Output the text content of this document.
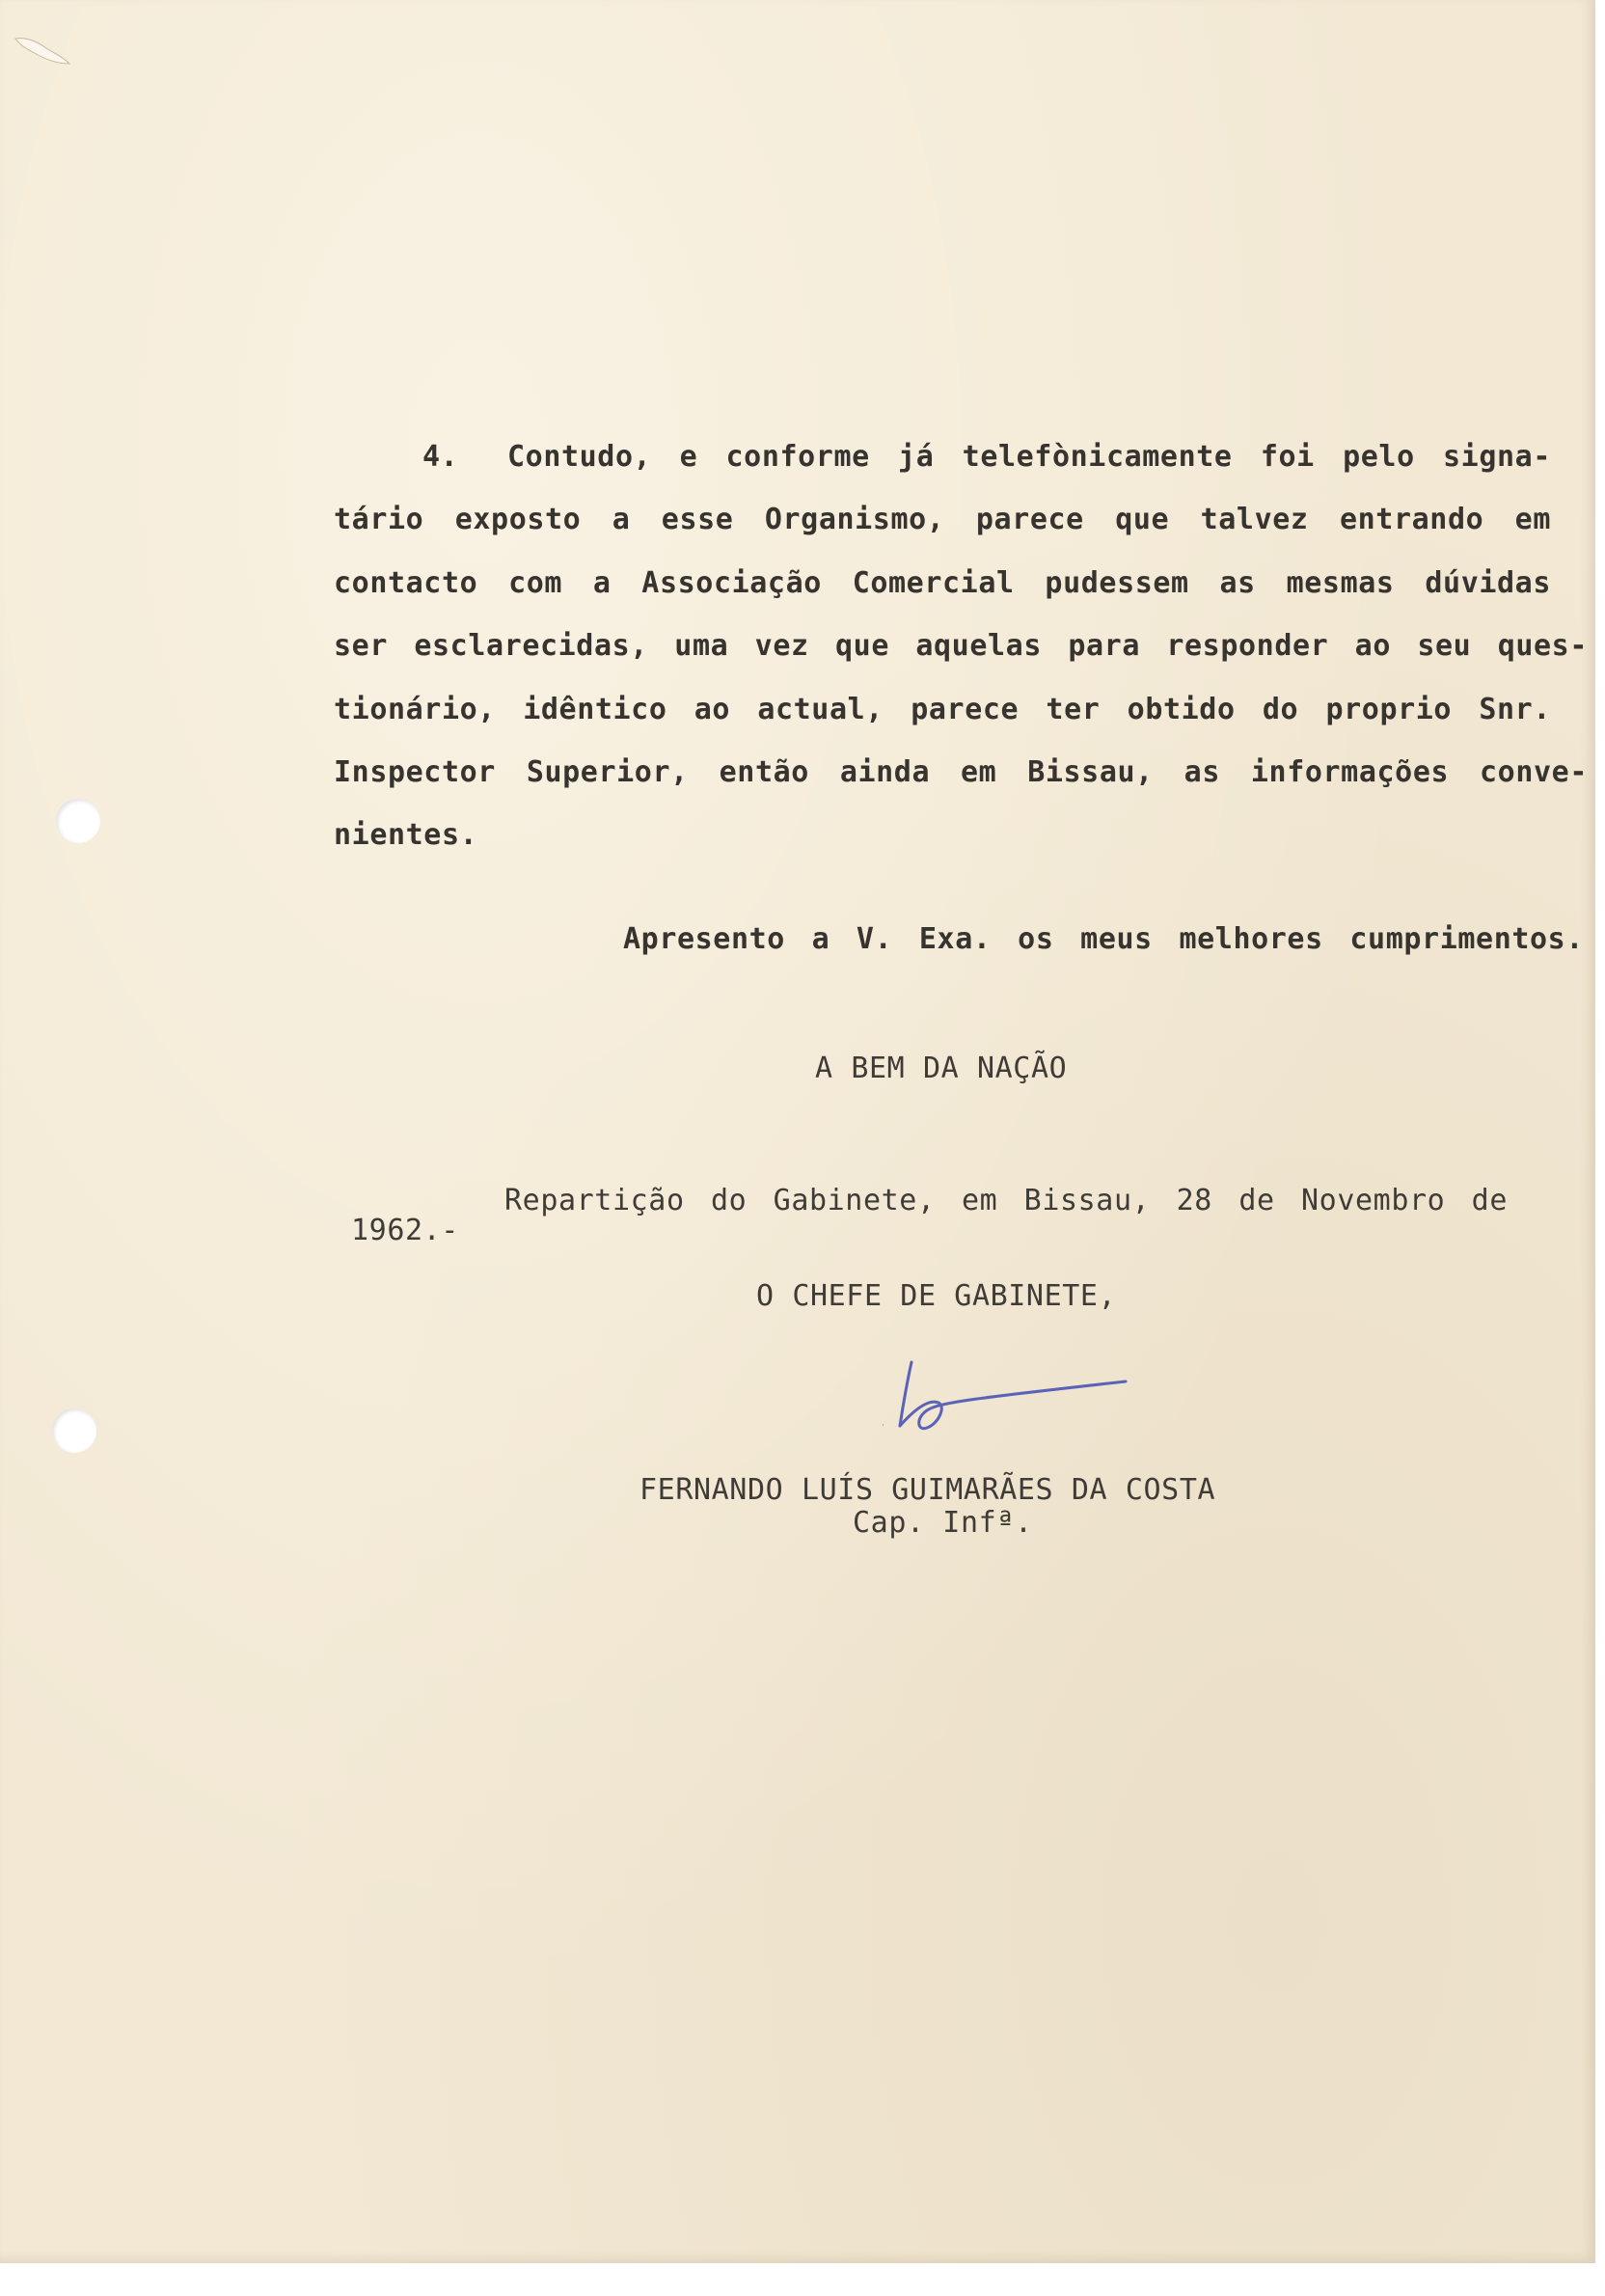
4. Contudo, e conforme já telefònicamente foi pelo signa-
tário exposto a esse Organismo, parece que talvez entrando em
contacto com a Associação Comercial pudessem as mesmas dúvidas
ser esclarecidas, uma vez que aquelas para responder ao seu ques-
tionário, idêntico ao actual, parece ter obtido do proprio Snr.
Inspector Superior, então ainda em Bissau, as informações conve-
nientes.
Apresento a V. Exa. os meus melhores cumprimentos.
A BEM DA NAÇÃO
Repartição do Gabinete, em Bissau, 28 de Novembro de
1962.-
O CHEFE DE GABINETE,
FERNANDO LUÍS GUIMARÃES DA COSTA
Cap. Infª.
